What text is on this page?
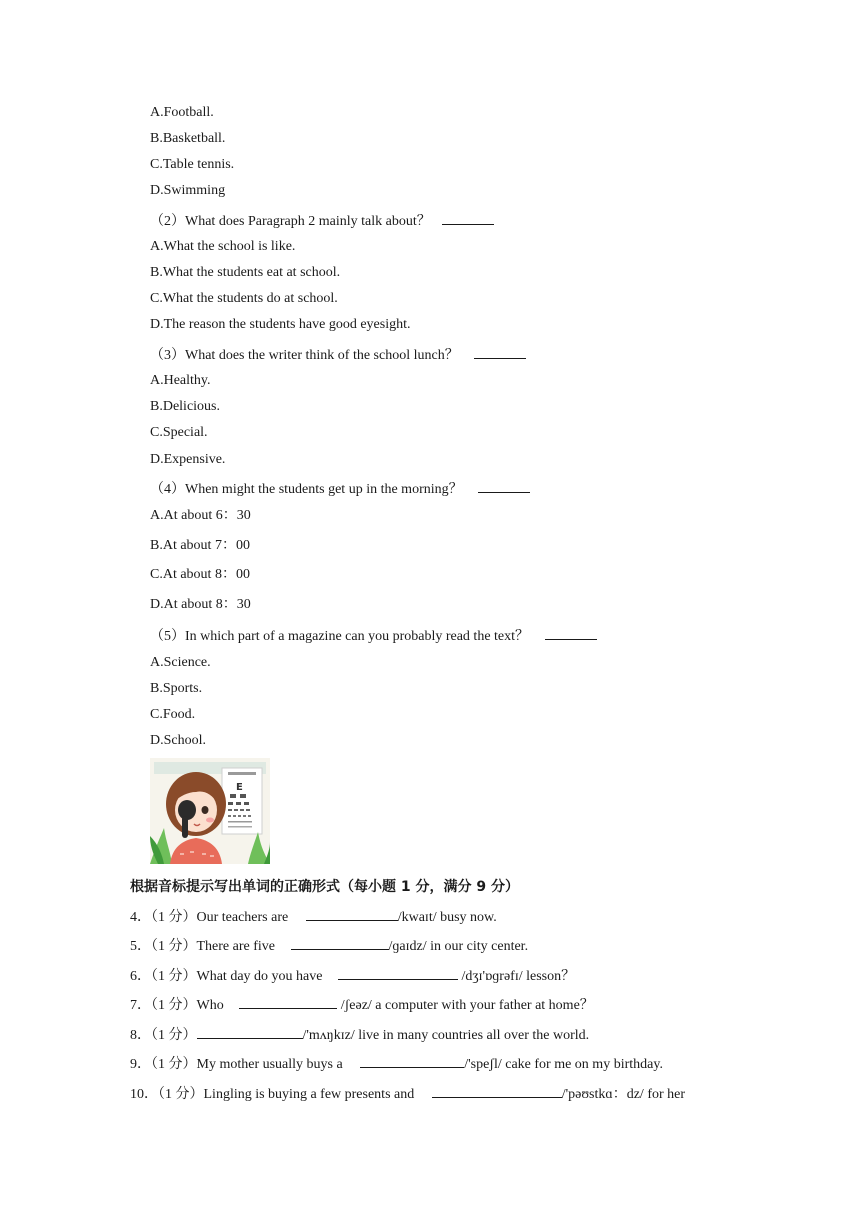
A.Football.
B.Basketball.
C.Table tennis.
D.Swimming
（2）What does Paragraph 2 mainly talk about？
A.What the school is like.
B.What the students eat at school.
C.What the students do at school.
D.The reason the students have good eyesight.
（3）What does the writer think of the school lunch？
A.Healthy.
B.Delicious.
C.Special.
D.Expensive.
（4）When might the students get up in the morning？
A.At about 6：30
B.At about 7：00
C.At about 8：00
D.At about 8：30
（5）In which part of a magazine can you probably read the text？
A.Science.
B.Sports.
C.Food.
D.School.
E
根据音标提示写出单词的正确形式（每小题 1 分，满分 9 分）
4．（1 分）Our teachers are	/kwaɪt/ busy now.
5．（1 分）There are five	/ɡaɪdz/ in our city center.
6．（1 分）What day do you have	/dʒɪ'ɒɡrəfɪ/ lesson？
7．（1 分）Who	/ʃeəz/ a computer with your father at home？
8．（1 分）	/'mʌŋkɪz/ live in many countries all over the world.
9．（1 分）My mother usually buys a	/'speʃl/ cake for me on my birthday.
10．（1 分）Lingling is buying a few presents and	/'pəʊstkɑ：dz/ for her
